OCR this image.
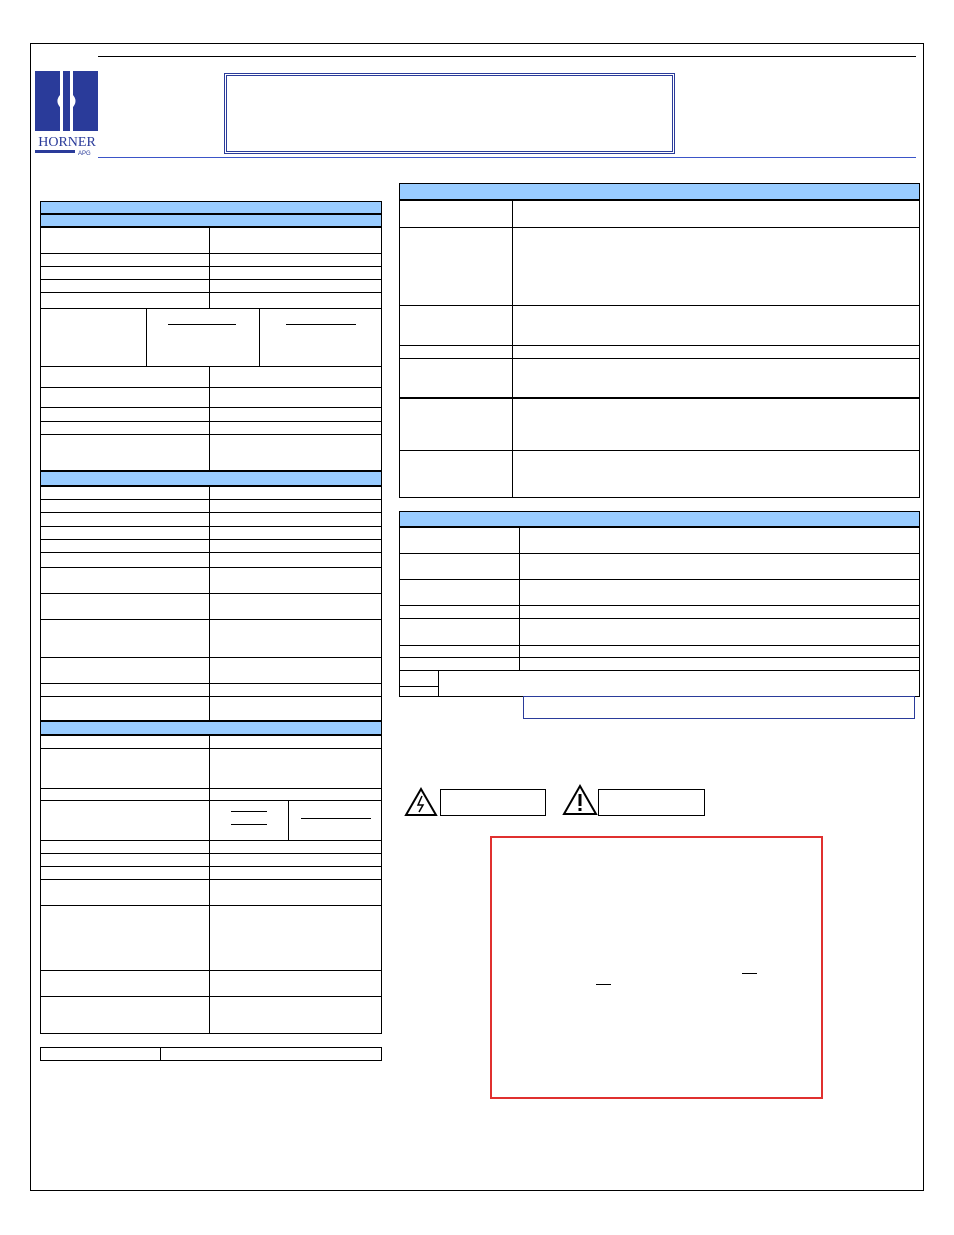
HORNER
APG
